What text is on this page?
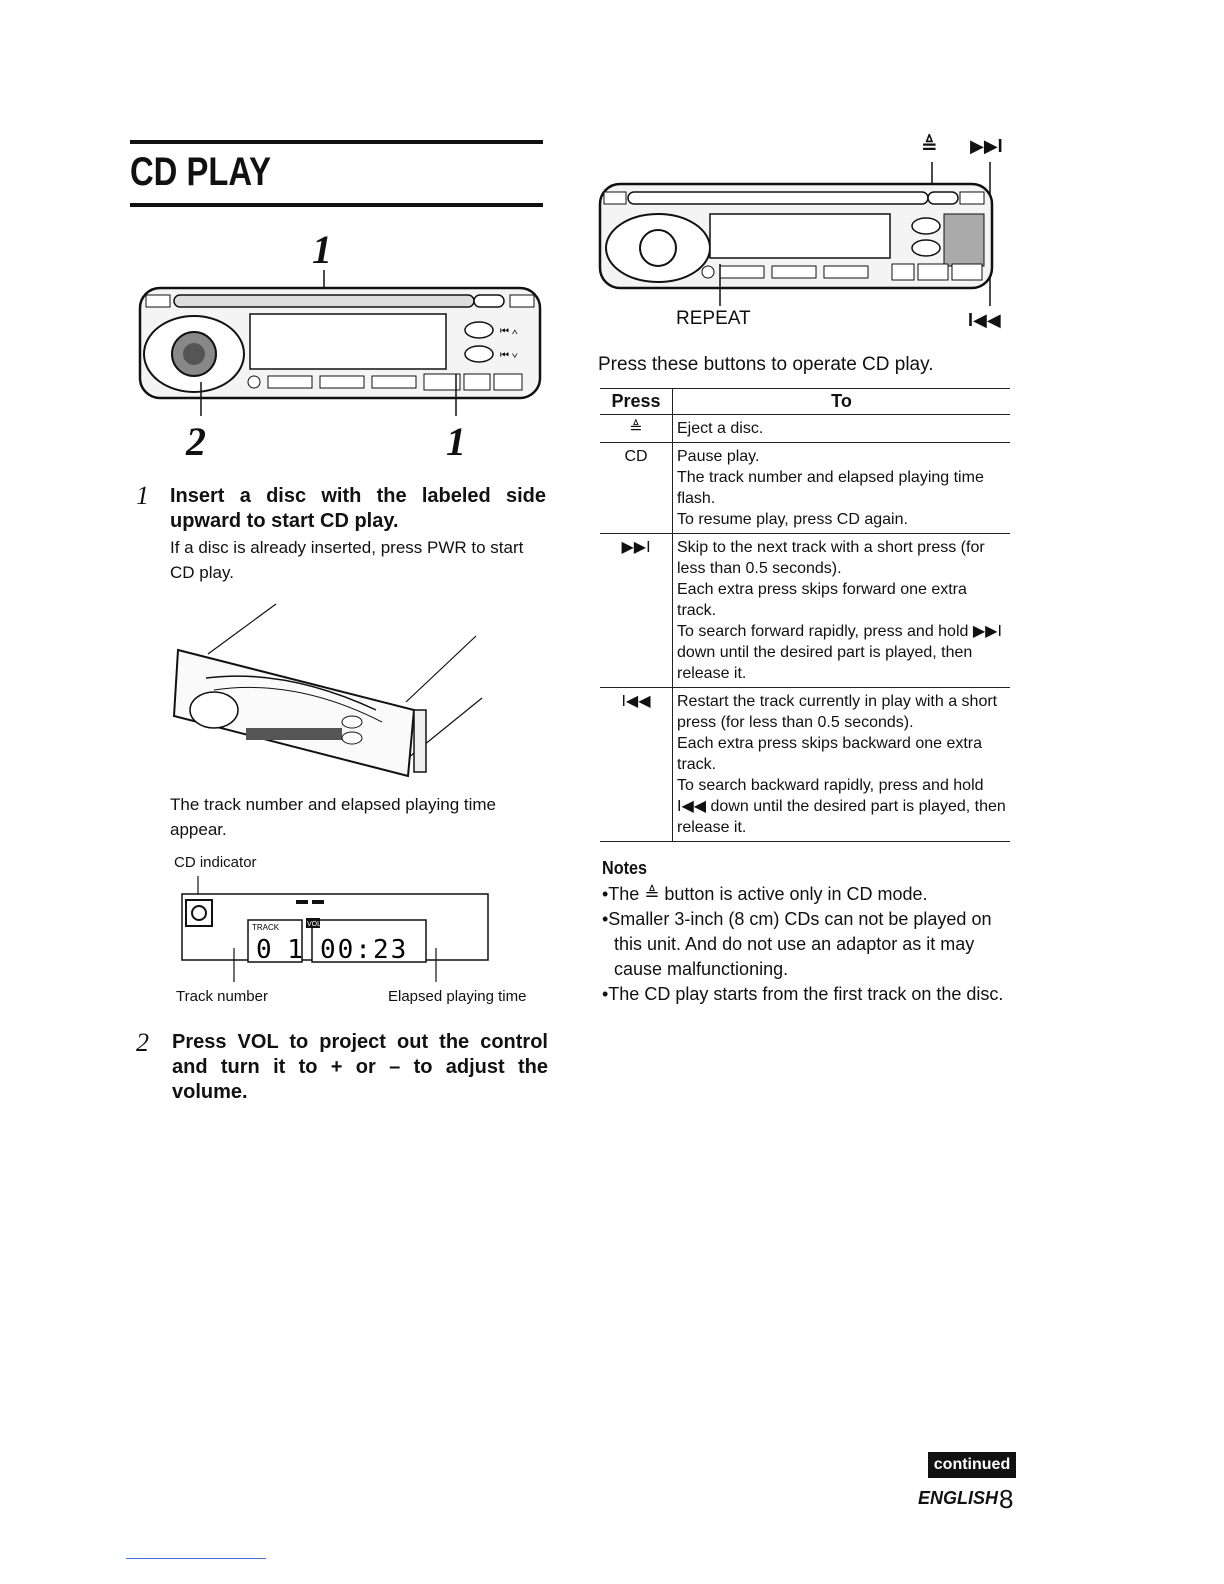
CD PLAY
1
⏮ ∧
⏮ ∨
2	1
1 Insert a disc with the labeled side upward to start CD play.
If a disc is already inserted, press PWR to start CD play.
The track number and elapsed playing time appear.
CD indicator
TRACK	VOL
0 1 00:23
Track number	Elapsed playing time
2 Press VOL to project out the control and turn it to + or – to adjust the volume.
≜ ▶▶I
REPEAT	I◀◀
Press these buttons to operate CD play.
Press	To
≜	Eject a disc.

CD	Pause play.
The track number and elapsed playing time flash.
To resume play, press CD again.

▶▶I	Skip to the next track with a short press (for less than 0.5 seconds).
Each extra press skips forward one extra track.
To search forward rapidly, press and hold ▶▶I down until the desired part is played, then release it.

I◀◀	Restart the track currently in play with a short press (for less than 0.5 seconds).
Each extra press skips backward one extra track.
To search backward rapidly, press and hold I◀◀ down until the desired part is played, then release it.
Notes
•The ≜ button is active only in CD mode.
•Smaller 3-inch (8 cm) CDs can not be played on this unit. And do not use an adaptor as it may cause malfunctioning.
•The CD play starts from the first track on the disc.
continued
ENGLISH 8
